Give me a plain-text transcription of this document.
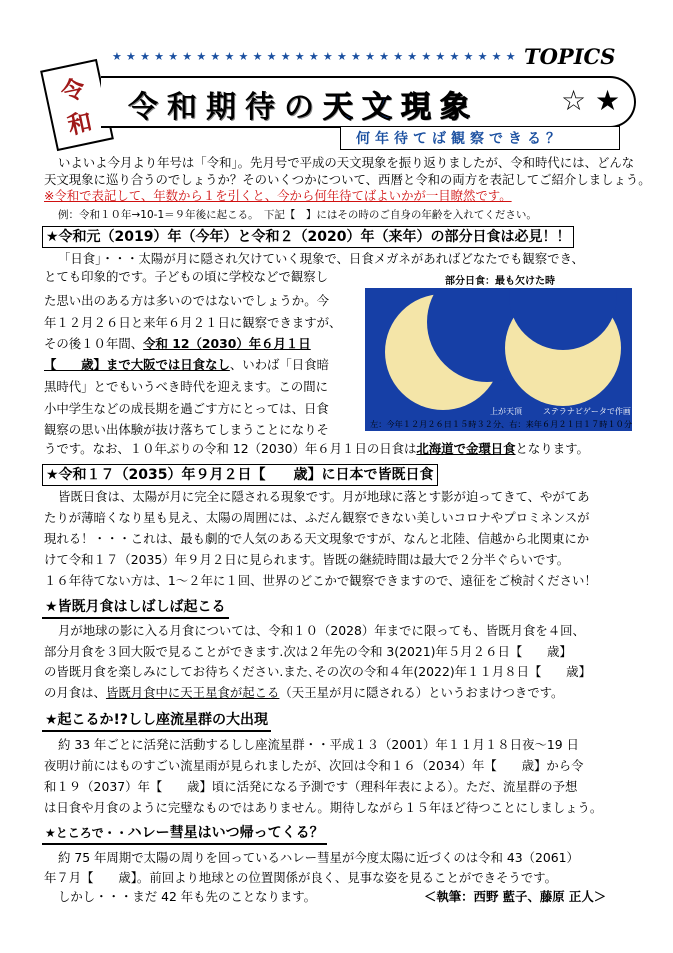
★★★★★★★★★★★★★★★★★★★★★★★★★★★★★ TOPICS
令
和 令和期待の天文現象	☆ ★
何年待てば観察できる？
いよいよ今月より年号は「令和」。先月号で平成の天文現象を振り返りましたが、令和時代には、どんな
天文現象に巡り合うのでしょうか？そのいくつかについて、西暦と令和の両方を表記してご紹介しましょう。
※令和で表記して、年数から１を引くと、今から何年待てばよいかが一目瞭然です。
例：令和１０年→10-1＝９年後に起こる。　下記【　】にはその時のご自身の年齢を入れてください。
★令和元（2019）年（今年）と令和２（2020）年（来年）の部分日食は必見！！
「日食」・・・太陽が月に隠され欠けていく現象で、日食メガネがあればどなたでも観察でき、
とても印象的です。子どもの頃に学校などで観察し
た思い出のある方は多いのではないでしょうか。今
年１２月２６日と来年６月２１日に観察できますが、
その後１０年間、令和 12（2030）年６月１日
【　　歳】まで大阪では日食なし、いわば「日食暗
黒時代」とでもいうべき時代を迎えます。この間に
小中学生などの成長期を過ごす方にとっては、日食
観察の思い出体験が抜け落ちてしまうことになりそ
うです。なお、１０年ぶりの令和 12（2030）年６月１日の日食は北海道で金環日食となります。
部分日食：最も欠けた時
上が天頂	ステラナビゲータで作画
左：今年１２月２６日１５時３２分、右：来年６月２１日１７時１０分
★令和１７（2035）年９月２日【　　歳】に日本で皆既日食
皆既日食は、太陽が月に完全に隠される現象です。月が地球に落とす影が迫ってきて、やがてあ
たりが薄暗くなり星も見え、太陽の周囲には、ふだん観察できない美しいコロナやプロミネンスが
現れる！・・・これは、最も劇的で人気のある天文現象ですが、なんと北陸、信越から北関東にか
けて令和１７（2035）年９月２日に見られます。皆既の継続時間は最大で２分半ぐらいです。
１６年待てない方は、1～２年に１回、世界のどこかで観察できますので、遠征をご検討ください！
★皆既月食はしばしば起こる
月が地球の影に入る月食については、令和１０（2028）年までに限っても、皆既月食を４回、
部分月食を３回大阪で見ることができます.次は２年先の令和 3(2021)年５月２６日【　　歳】
の皆既月食を楽しみにしてお待ちください.また､その次の令和４年(2022)年１１月８日【　　歳】
の月食は、皆既月食中に天王星食が起こる（天王星が月に隠される）というおまけつきです。
★起こるか!?しし座流星群の大出現
約 33 年ごとに活発に活動するしし座流星群・・平成１３（2001）年１１月１８日夜～19 日
夜明け前にはものすごい流星雨が見られましたが、次回は令和１６（2034）年【　　歳】から令
和１９（2037）年【　　歳】頃に活発になる予測です（理科年表による）。ただ、流星群の予想
は日食や月食のように完璧なものではありません。期待しながら１５年ほど待つことにしましょう。
★ところで・・ハレー彗星はいつ帰ってくる？
約 75 年周期で太陽の周りを回っているハレー彗星が今度太陽に近づくのは令和 43（2061）
年７月【　　歳】。前回より地球との位置関係が良く、見事な姿を見ることができそうです。
しかし・・・まだ 42 年も先のことなります。	＜執筆：西野 藍子、藤原 正人＞
